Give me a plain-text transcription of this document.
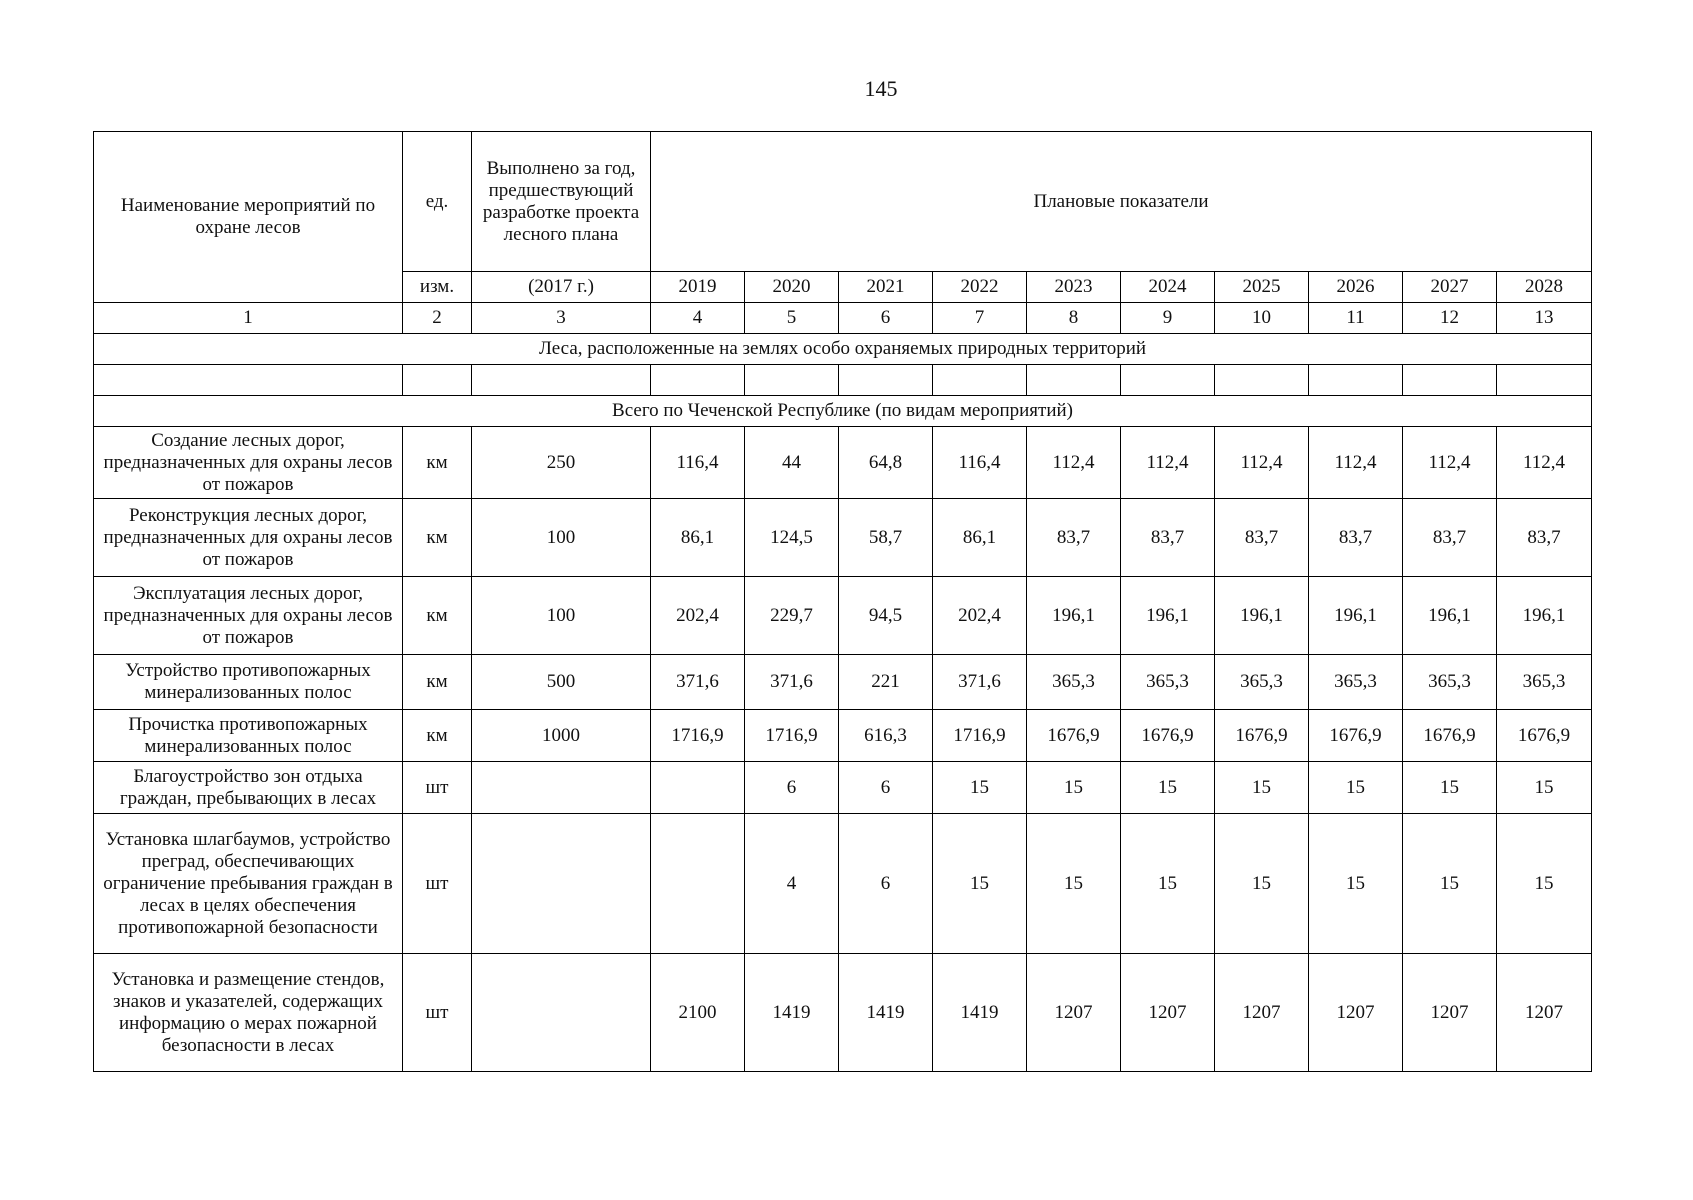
145
Наименование мероприятий по охране лесов	ед.	Выполнено за год, предшествующий разработке проекта лесного плана	Плановые показатели									
	изм.	(2017 г.)	2019	2020	2021	2022	2023	2024	2025	2026	2027	2028
1	2	3	4	5	6	7	8	9	10	11	12	13
Леса, расположенные на землях особо охраняемых природных территорий												

Всего по Чеченской Республике (по видам мероприятий)												
Создание лесных дорог, предназначенных для охраны лесов от пожаров	км	250	116,4	44	64,8	116,4	112,4	112,4	112,4	112,4	112,4	112,4
Реконструкция лесных дорог, предназначенных для охраны лесов от пожаров	км	100	86,1	124,5	58,7	86,1	83,7	83,7	83,7	83,7	83,7	83,7
Эксплуатация лесных дорог, предназначенных для охраны лесов от пожаров	км	100	202,4	229,7	94,5	202,4	196,1	196,1	196,1	196,1	196,1	196,1
Устройство противопожарных минерализованных полос	км	500	371,6	371,6	221	371,6	365,3	365,3	365,3	365,3	365,3	365,3
Прочистка противопожарных минерализованных полос	км	1000	1716,9	1716,9	616,3	1716,9	1676,9	1676,9	1676,9	1676,9	1676,9	1676,9
Благоустройство зон отдыха граждан, пребывающих в лесах	шт			6	6	15	15	15	15	15	15	15
Установка шлагбаумов, устройство преград, обеспечивающих ограничение пребывания граждан в лесах в целях обеспечения противопожарной безопасности	шт			4	6	15	15	15	15	15	15	15
Установка и размещение стендов, знаков и указателей, содержащих информацию о мерах пожарной безопасности в лесах	шт		2100	1419	1419	1419	1207	1207	1207	1207	1207	1207
